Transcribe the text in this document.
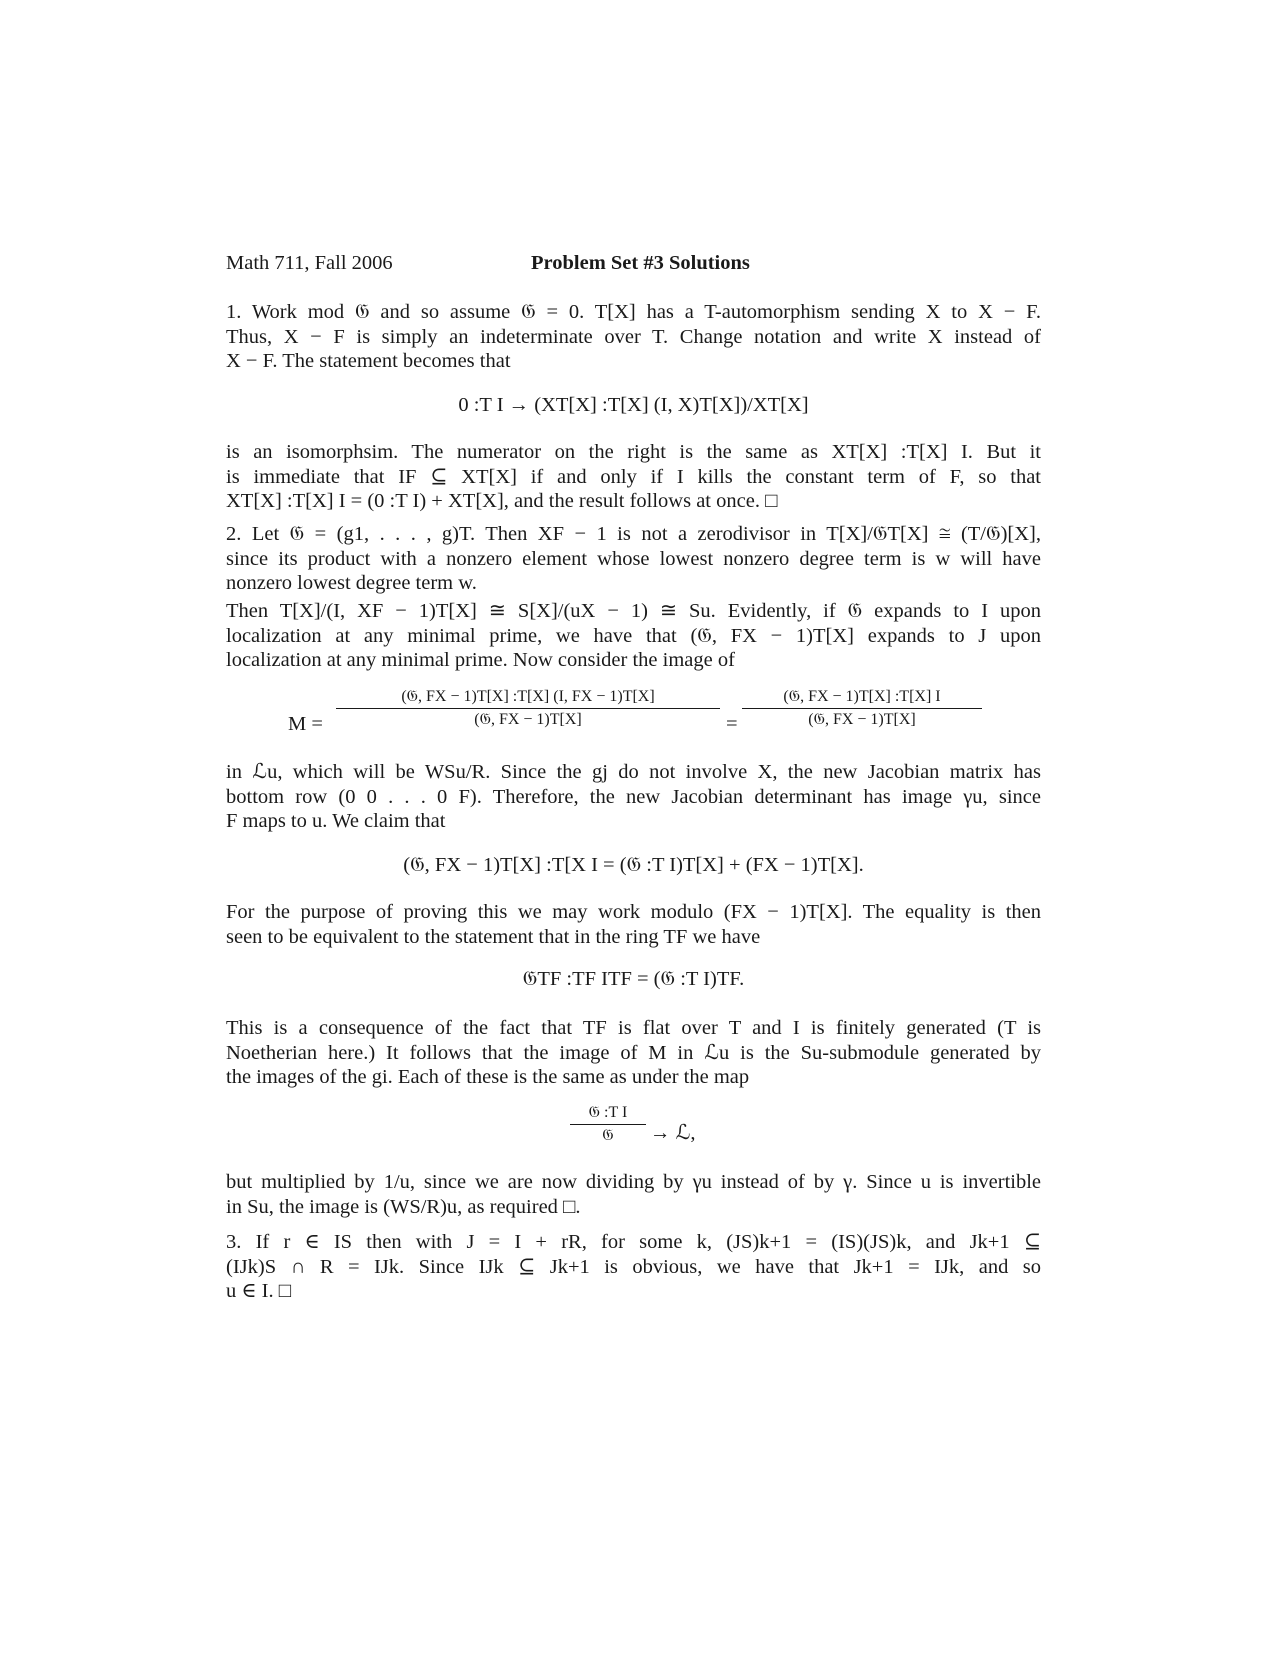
Math 711, Fall 2006	Problem Set #3 Solutions

1. Work mod 𝔊 and so assume 𝔊 = 0. T[X] has a T-automorphism sending X to X − F.
Thus, X − F is simply an indeterminate over T. Change notation and write X instead of
X − F. The statement becomes that

0 :T I → (XT[X] :T[X] (I, X)T[X])/XT[X]

is an isomorphsim. The numerator on the right is the same as XT[X] :T[X] I. But it
is immediate that IF ⊆ XT[X] if and only if I kills the constant term of F, so that
XT[X] :T[X] I = (0 :T I) + XT[X], and the result follows at once. □

2. Let 𝔊 = (g1, . . . , g)T. Then XF − 1 is not a zerodivisor in T[X]/𝔊T[X] ≅ (T/𝔊)[X],
since its product with a nonzero element whose lowest nonzero degree term is w will have
nonzero lowest degree term w.

Then T[X]/(I, XF − 1)T[X] ≅ S[X]/(uX − 1) ≅ Su. Evidently, if 𝔊 expands to I upon
localization at any minimal prime, we have that (𝔊, FX − 1)T[X] expands to J upon
localization at any minimal prime. Now consider the image of

M =
(𝔊, FX − 1)T[X] :T[X] (I, FX − 1)T[X]
(𝔊, FX − 1)T[X]	=
(𝔊, FX − 1)T[X] :T[X] I
(𝔊, FX − 1)T[X]

in ℒu, which will be WSu/R. Since the gj do not involve X, the new Jacobian matrix has
bottom row (0 0 . . . 0 F). Therefore, the new Jacobian determinant has image γu, since
F maps to u. We claim that

(𝔊, FX − 1)T[X] :T[X I = (𝔊 :T I)T[X] + (FX − 1)T[X].

For the purpose of proving this we may work modulo (FX − 1)T[X]. The equality is then
seen to be equivalent to the statement that in the ring TF we have

𝔊TF :TF ITF = (𝔊 :T I)TF.

This is a consequence of the fact that TF is flat over T and I is finitely generated (T is
Noetherian here.) It follows that the image of M in ℒu is the Su-submodule generated by
the images of the gi. Each of these is the same as under the map

𝔊 :T I
𝔊	→ ℒ,

but multiplied by 1/u, since we are now dividing by γu instead of by γ. Since u is invertible
in Su, the image is (WS/R)u, as required □.

3. If r ∈ IS then with J = I + rR, for some k, (JS)k+1 = (IS)(JS)k, and Jk+1 ⊆
(IJk)S ∩ R = IJk. Since IJk ⊆ Jk+1 is obvious, we have that Jk+1 = IJk, and so
u ∈ I. □
